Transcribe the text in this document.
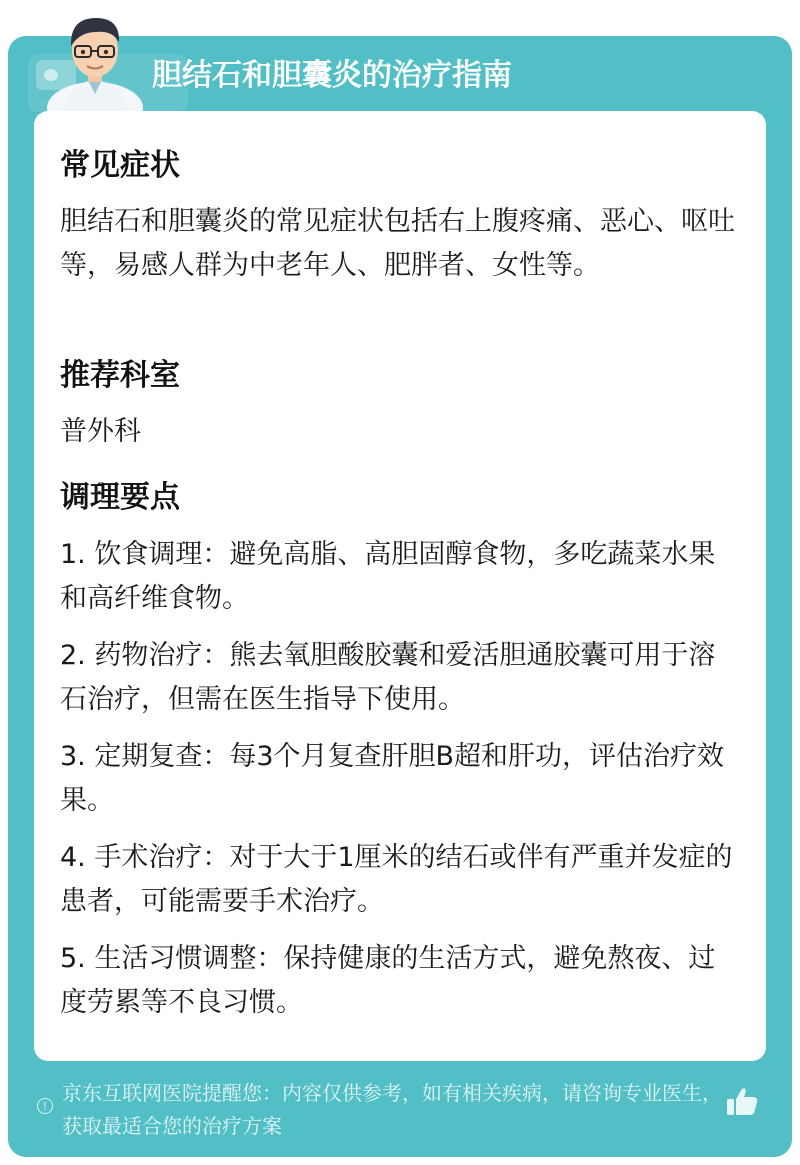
胆结石和胆囊炎的治疗指南
常见症状
胆结石和胆囊炎的常见症状包括右上腹疼痛、恶心、呕吐等，易感人群为中老年人、肥胖者、女性等。
推荐科室
普外科
调理要点
1. 饮食调理：避免高脂、高胆固醇食物，多吃蔬菜水果和高纤维食物。
2. 药物治疗：熊去氧胆酸胶囊和爱活胆通胶囊可用于溶石治疗，但需在医生指导下使用。
3. 定期复查：每3个月复查肝胆B超和肝功，评估治疗效果。
4. 手术治疗：对于大于1厘米的结石或伴有严重并发症的患者，可能需要手术治疗。
5. 生活习惯调整：保持健康的生活方式，避免熬夜、过度劳累等不良习惯。
!
京东互联网医院提醒您：内容仅供参考，如有相关疾病，请咨询专业医生，获取最适合您的治疗方案
